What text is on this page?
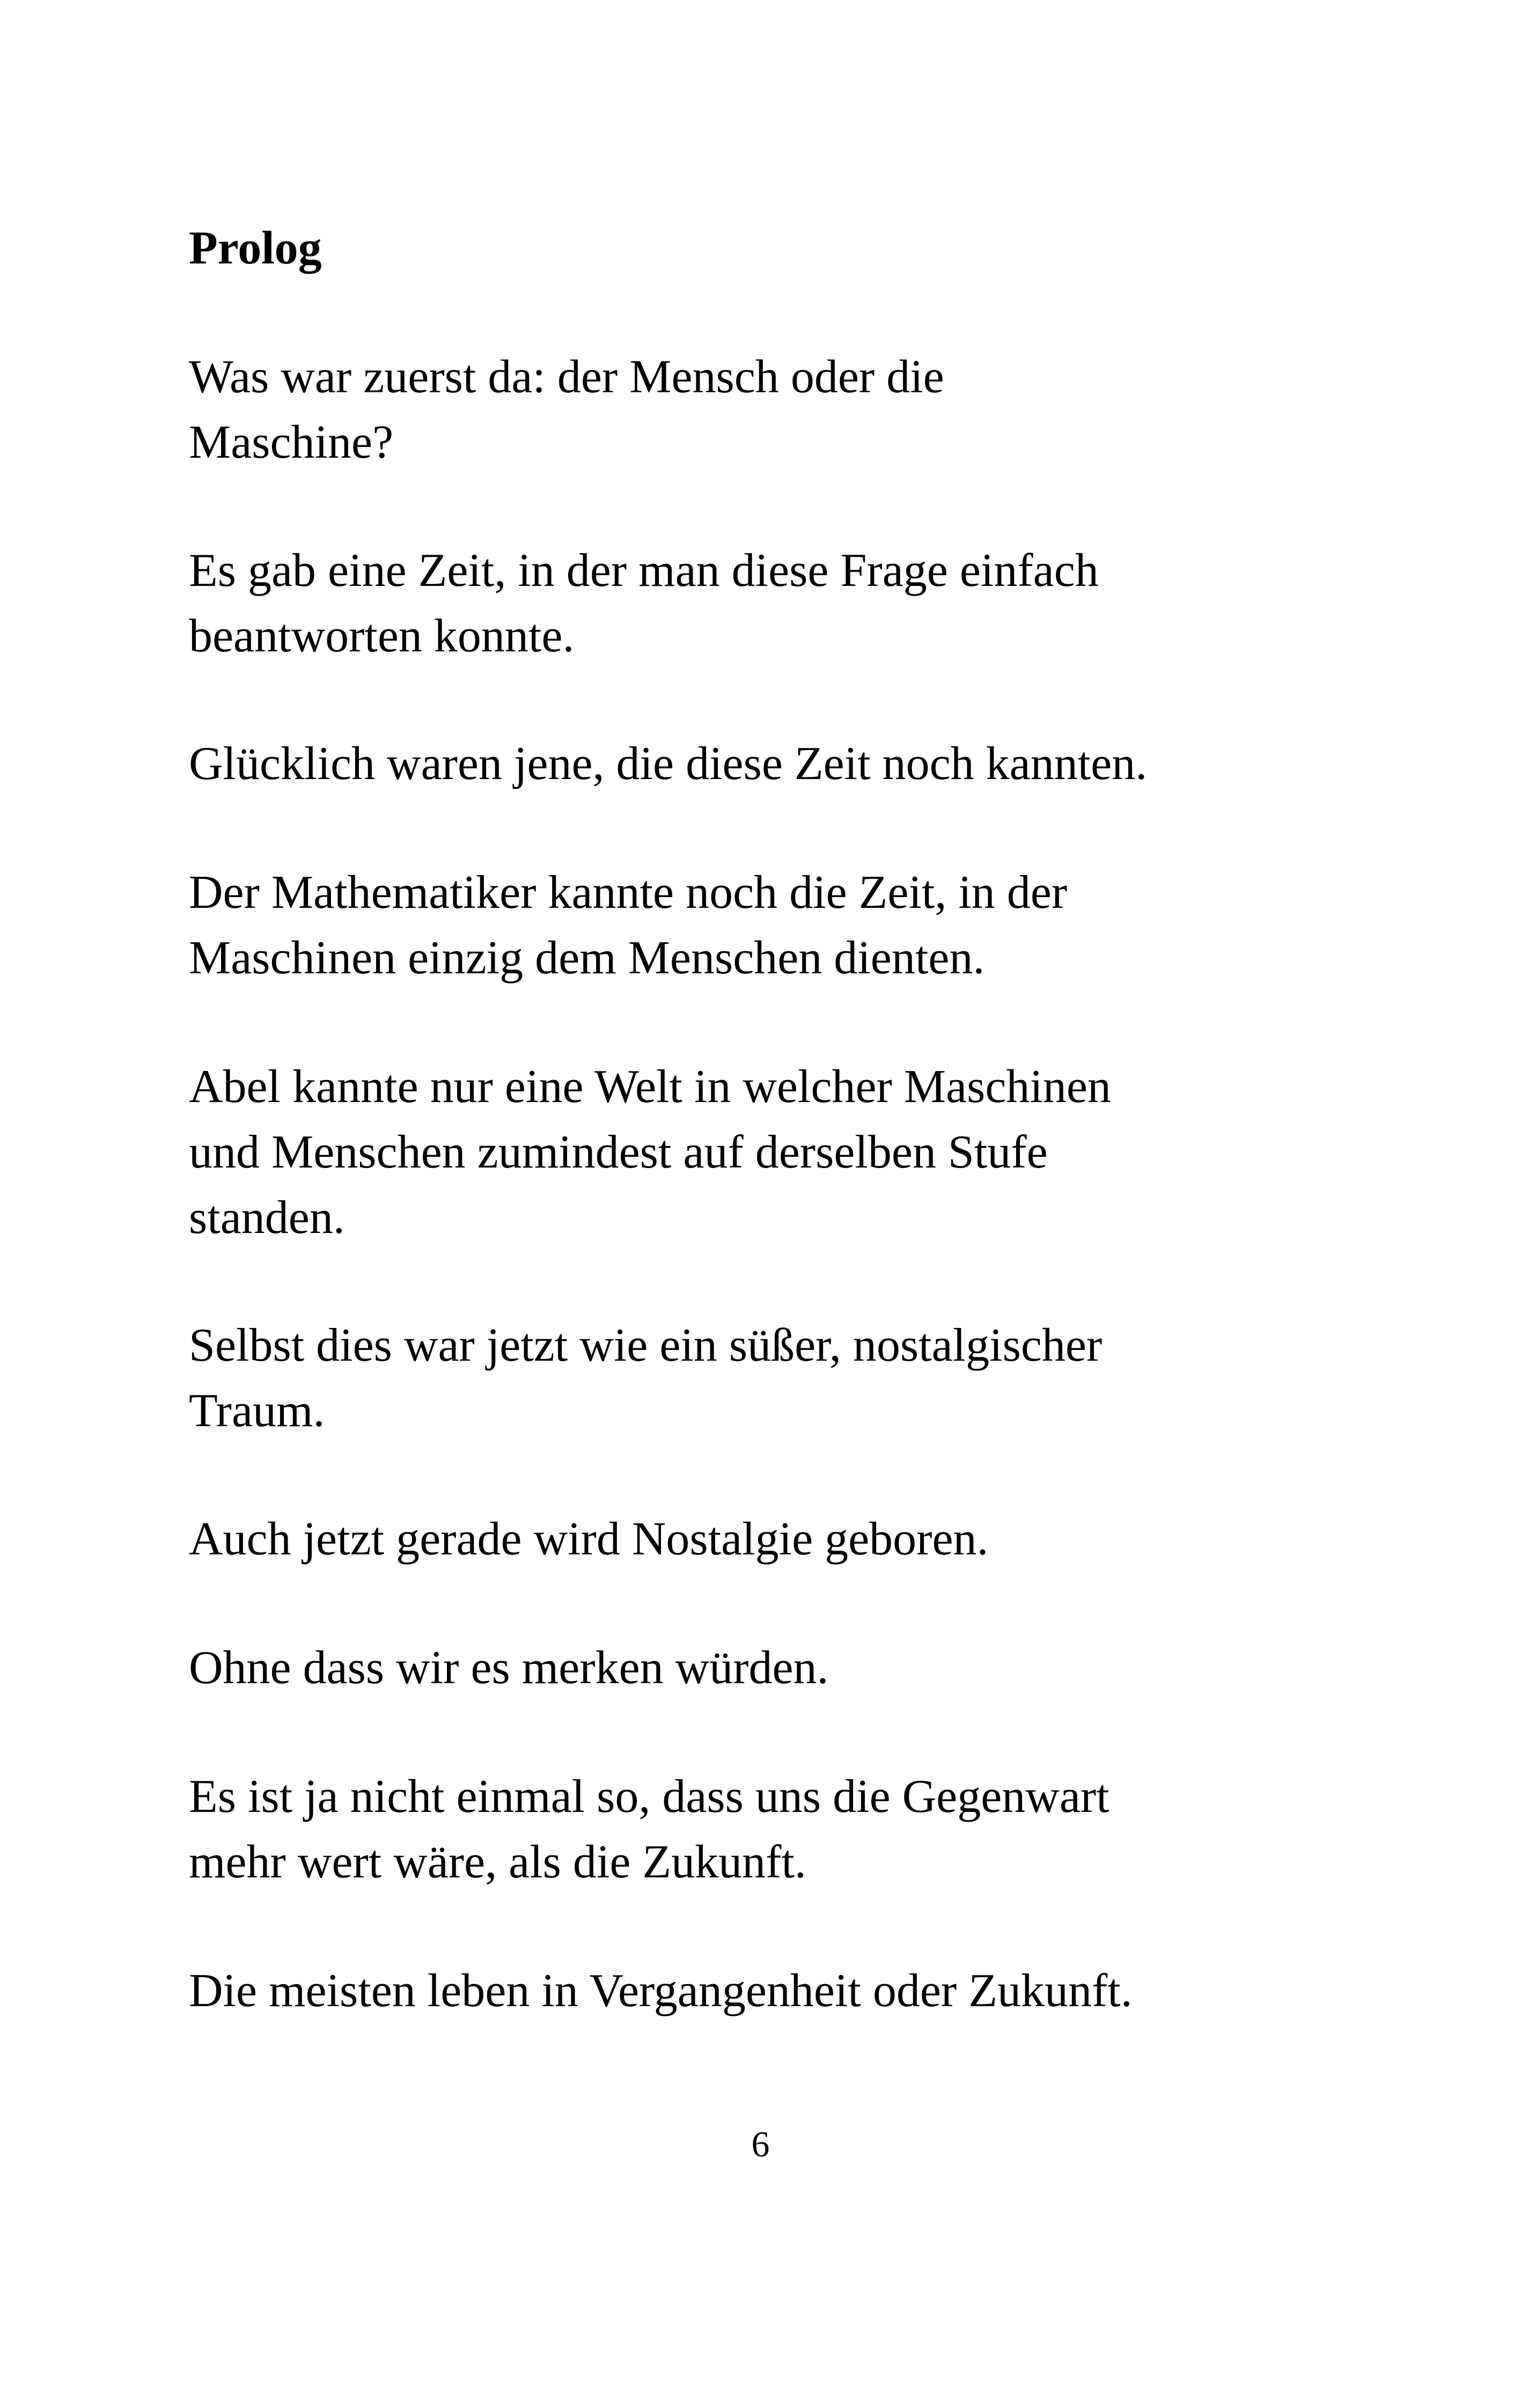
Prolog
Was war zuerst da: der Mensch oder die
Maschine?
Es gab eine Zeit, in der man diese Frage einfach
beantworten konnte.
Glücklich waren jene, die diese Zeit noch kannten.
Der Mathematiker kannte noch die Zeit, in der
Maschinen einzig dem Menschen dienten.
Abel kannte nur eine Welt in welcher Maschinen
und Menschen zumindest auf derselben Stufe
standen.
Selbst dies war jetzt wie ein süßer, nostalgischer
Traum.
Auch jetzt gerade wird Nostalgie geboren.
Ohne dass wir es merken würden.
Es ist ja nicht einmal so, dass uns die Gegenwart
mehr wert wäre, als die Zukunft.
Die meisten leben in Vergangenheit oder Zukunft.
6
